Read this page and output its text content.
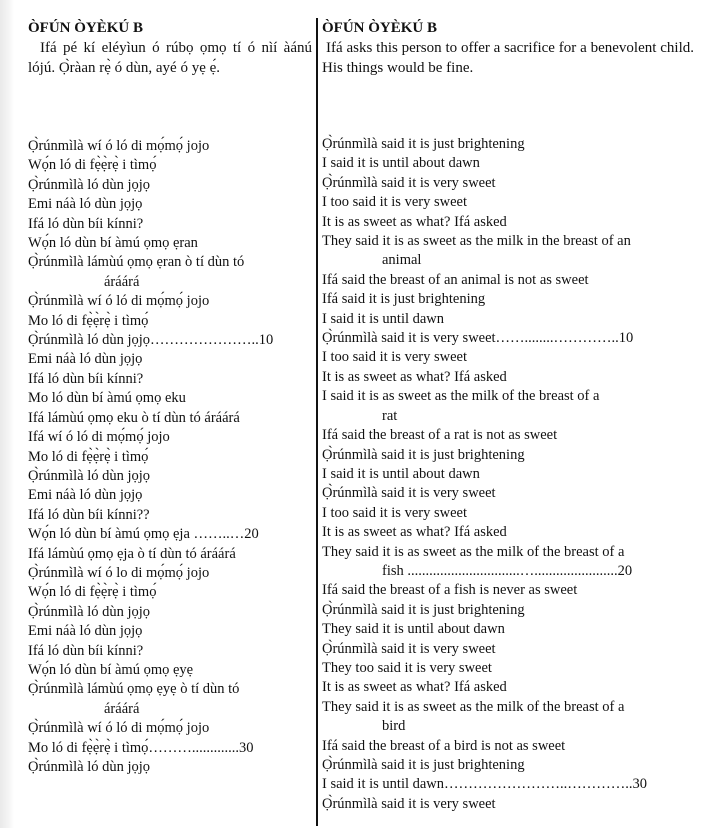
ÒFÚN ÒYÈKÚ B

Ifá pé kí eléyìun ó rúbọ ọmọ tí ó nìí àánú lójú. Ọ̀ràan rẹ̀ ó dùn, ayé ó yẹ ẹ́.

Ọ̀rúnmìlà wí ó ló di mọ́mọ́ jojo
Wọ́n ló di fẹ̀ẹ̀rẹ̀ i tìmọ́
Ọ̀rúnmìlà ló dùn jọjọ
Emi náà ló dùn jọjọ
Ifá ló dùn bíi kínni?
Wọ́n ló dùn bí àmú ọmọ ẹran
Ọ̀rúnmìlà lámùú ọmọ ẹran ò tí dùn tó
áráárá
Ọ̀rúnmìlà wí ó ló di mọ́mọ́ jojo
Mo ló di fẹ̀ẹ̀rẹ̀ i tìmọ́
Ọ̀rúnmìlà ló dùn jọjọ…………………..10
Emi náà ló dùn jọjọ
Ifá ló dùn bíi kínni?
Mo ló dùn bí àmú ọmọ eku
Ifá lámùú ọmọ eku ò tí dùn tó áráárá
Ifá wí ó ló di mọ́mọ́ jojo
Mo ló di fẹ̀ẹ̀rẹ̀ i tìmọ́
Ọ̀rúnmìlà ló dùn jọjọ
Emi náà ló dùn jọjọ
Ifá ló dùn bíi kínni??
Wọ́n ló dùn bí àmú ọmọ ẹja ……..…20
Ifá lámùú ọmọ ẹja ò tí dùn tó áráárá
Ọ̀rúnmìlà wí ó lo di mọ́mọ́ jojo
Wọ́n ló di fẹ̀ẹ̀rẹ̀ i tìmọ́
Ọ̀rúnmìlà ló dùn jọjọ
Emi náà ló dùn jọjọ
Ifá ló dùn bíi kínni?
Wọ́n ló dùn bí àmú ọmọ ẹyẹ
Ọ̀rúnmìlà lámùú ọmọ ẹyẹ ò tí dùn tó
áráárá
Ọ̀rúnmìlà wí ó ló di mọ́mọ́ jojo
Mo ló di fẹ̀ẹ̀rẹ̀ i tìmọ́……….............30
Ọ̀rúnmìlà ló dùn jọjọ
ÒFÚN ÒYÈKÚ B

Ifá asks this person to offer a sacrifice for a benevolent child. His things would be fine.

Ọ̀rúnmìlà said it is just brightening
I said it is until about dawn
Ọ̀rúnmìlà said it is very sweet
I too said it is very sweet
It is as sweet as what? Ifá asked
They said it is as sweet as the milk in the breast of an
animal
Ifá said the breast of an animal is not as sweet
Ifá said it is just brightening
I said it is until dawn
Ọ̀rúnmìlà said it is very sweet……........…………..10
I too said it is very sweet
It is as sweet as what? Ifá asked
I said it is as sweet as the milk of the breast of a
rat
Ifá said the breast of a rat is not as sweet
Ọ̀rúnmìlà said it is just brightening
I said it is until about dawn
Ọ̀rúnmìlà said it is very sweet
I too said it is very sweet
It is as sweet as what? Ifá asked
They said it is as sweet as the milk of the breast of a
fish ...............................….......................20
Ifá said the breast of a fish is never as sweet
Ọ̀rúnmìlà said it is just brightening
They said it is until about dawn
Ọ̀rúnmìlà said it is very sweet
They too said it is very sweet
It is as sweet as what? Ifá asked
They said it is as sweet as the milk of the breast of a
bird
Ifá said the breast of a bird is not as sweet
Ọ̀rúnmìlà said it is just brightening
I said it is until dawn……………………..…………..30
Ọ̀rúnmìlà said it is very sweet
